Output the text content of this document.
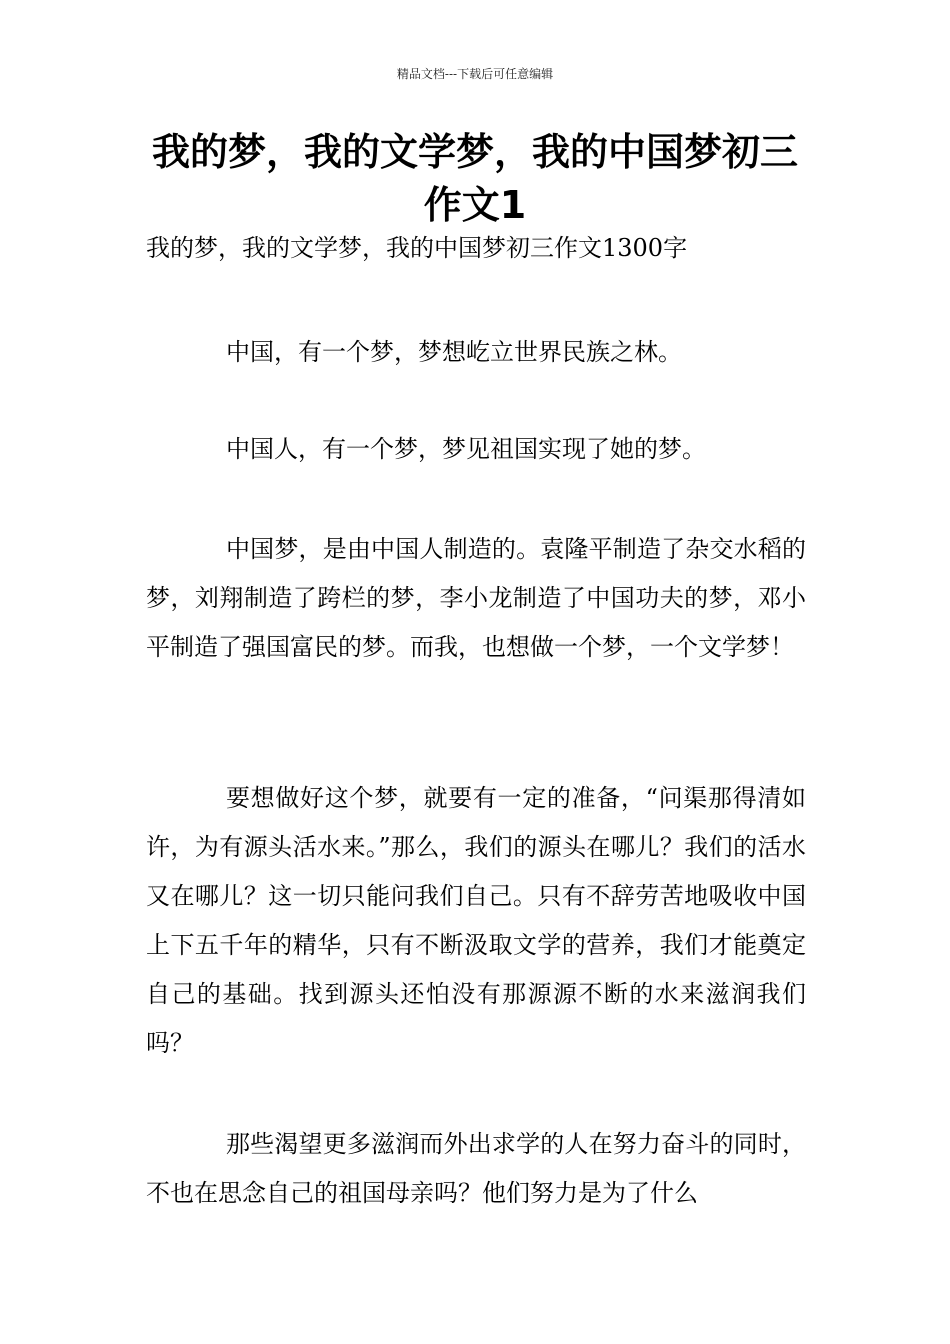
精品文档---下载后可任意编辑
我的梦，我的文学梦，我的中国梦初三作文1
我的梦，我的文学梦，我的中国梦初三作文1300字

中国，有一个梦，梦想屹立世界民族之林。

中国人，有一个梦，梦见祖国实现了她的梦。

中国梦，是由中国人制造的。袁隆平制造了杂交水稻的梦，刘翔制造了跨栏的梦，李小龙制造了中国功夫的梦，邓小平制造了强国富民的梦。而我，也想做一个梦，一个文学梦！

要想做好这个梦，就要有一定的准备，“问渠那得清如许，为有源头活水来。”那么，我们的源头在哪儿？我们的活水又在哪儿？这一切只能问我们自己。只有不辞劳苦地吸收中国上下五千年的精华，只有不断汲取文学的营养，我们才能奠定自己的基础。找到源头还怕没有那源源不断的水来滋润我们吗？

那些渴望更多滋润而外出求学的人在努力奋斗的同时，不也在思念自己的祖国母亲吗？他们努力是为了什么
